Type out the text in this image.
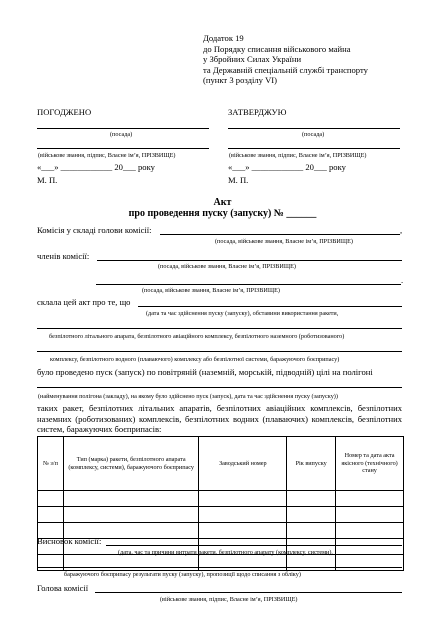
Додаток 19
до Порядку списання військового майна
у Збройних Силах України
та Державній спеціальній службі транспорту
(пункт 3 розділу VI)
ПОГОДЖЕНО
(посада)
(військове звання, підпис, Власне ім’я, ПРІЗВИЩЕ)
«___» ____________ 20___ року
М. П.
ЗАТВЕРДЖУЮ
(посада)
(військове звання, підпис, Власне ім’я, ПРІЗВИЩЕ)
«___» ____________ 20___ року
М. П.
Акт
про проведення пуску (запуску) № ______
Комісія у складі голови комісії:	,
(посада, військове звання, Власне ім’я, ПРІЗВИЩЕ)
членів комісії:
(посада, військове звання, Власне ім’я, ПРІЗВИЩЕ)
.
(посада, військове звання, Власне ім’я, ПРІЗВИЩЕ)
склала цей акт про те, що
(дата та час здійснення пуску (запуску), обставини використання ракети,
безпілотного літального апарата, безпілотного авіаційного комплексу, безпілотного наземного (роботизованого)
комплексу, безпілотного водного (плаваючого) комплексу або безпілотної системи, баражуючого боєприпасу)
було проведено пуск (запуск) по повітряній (наземній, морській, підводній) цілі на полігоні
(найменування полігона (закладу), на якому було здійснено пуск (запуск), дата та час здійснення пуску (запуску))
таких ракет, безпілотних літальних апаратів, безпілотних авіаційних комплексів, безпілотних наземних (роботизованих) комплексів, безпілотних водних (плаваючих) комплексів, безпілотних систем, баражуючих боєприпасів:
№ з/п	Тип (марка) ракети, безпілотного апарата (комплексу, системи), баражуючого боєприпасу	Заводський номер	Рік випуску	Номер та дата акта якісного (технічного) стану

Висновок комісії:
(дата, час та причини витрати ракети, безпілотного апарату (комплексу, системи),
баражуючого боєприпасу результати пуску (запуску), пропозиції щодо списання з обліку)
Голова комісії
(військове звання, підпис, Власне ім’я, ПРІЗВИЩЕ)
